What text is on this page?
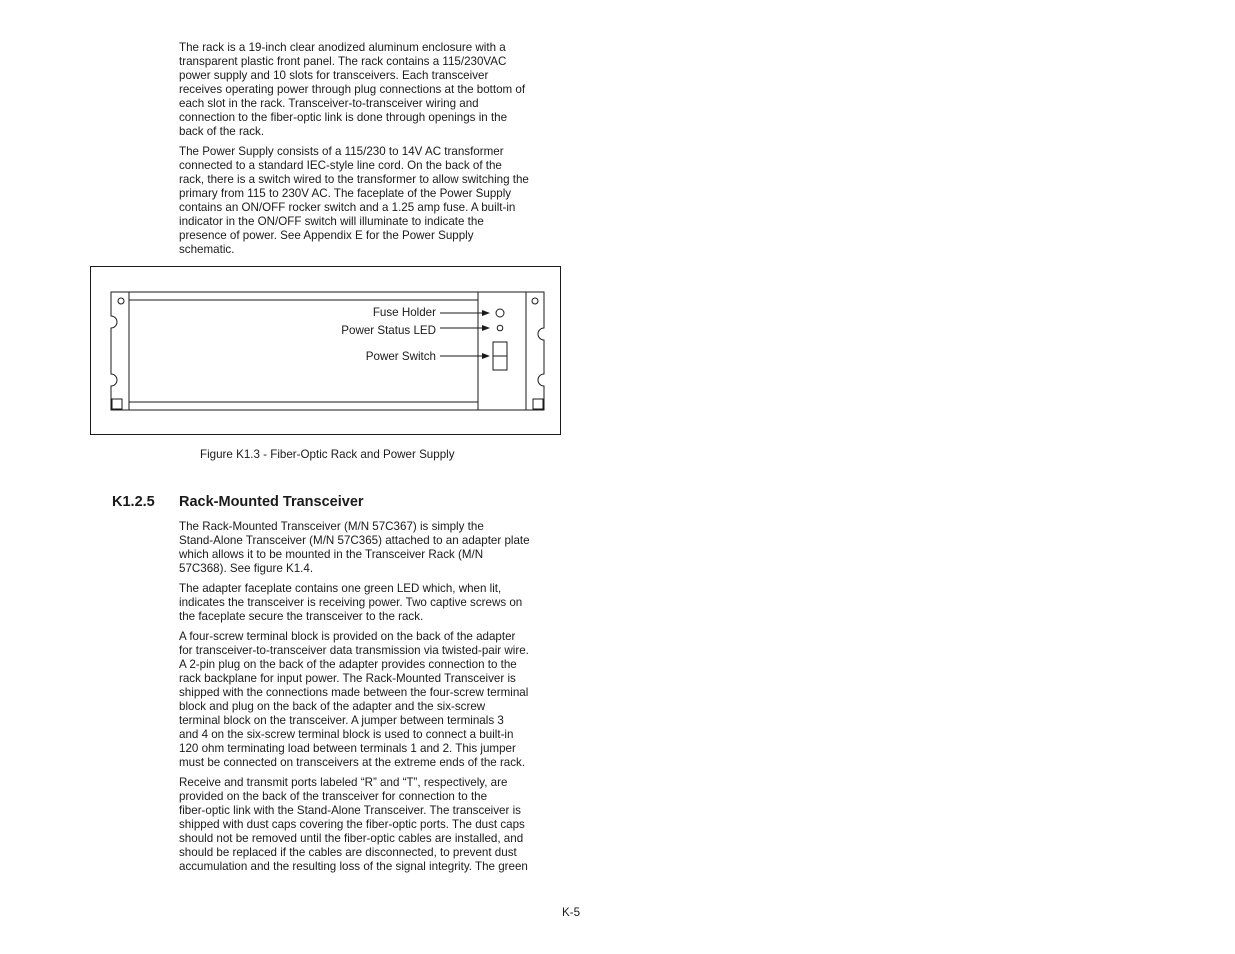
The rack is a 19-inch clear anodized aluminum enclosure with a
transparent plastic front panel. The rack contains a 115/230VAC
power supply and 10 slots for transceivers. Each transceiver
receives operating power through plug connections at the bottom of
each slot in the rack. Transceiver-to-transceiver wiring and
connection to the fiber-optic link is done through openings in the
back of the rack.

The Power Supply consists of a 115/230 to 14V AC transformer
connected to a standard IEC-style line cord. On the back of the
rack, there is a switch wired to the transformer to allow switching the
primary from 115 to 230V AC. The faceplate of the Power Supply
contains an ON/OFF rocker switch and a 1.25 amp fuse. A built-in
indicator in the ON/OFF switch will illuminate to indicate the
presence of power. See Appendix E for the Power Supply
schematic.

Fuse Holder
Power Status LED
Power Switch
Figure K1.3 - Fiber-Optic Rack and Power Supply
K1.2.5 Rack-Mounted Transceiver

The Rack-Mounted Transceiver (M/N 57C367) is simply the
Stand-Alone Transceiver (M/N 57C365) attached to an adapter plate
which allows it to be mounted in the Transceiver Rack (M/N
57C368). See figure K1.4.

The adapter faceplate contains one green LED which, when lit,
indicates the transceiver is receiving power. Two captive screws on
the faceplate secure the transceiver to the rack.

A four-screw terminal block is provided on the back of the adapter
for transceiver-to-transceiver data transmission via twisted-pair wire.
A 2-pin plug on the back of the adapter provides connection to the
rack backplane for input power. The Rack-Mounted Transceiver is
shipped with the connections made between the four-screw terminal
block and plug on the back of the adapter and the six-screw
terminal block on the transceiver. A jumper between terminals 3
and 4 on the six-screw terminal block is used to connect a built-in
120 ohm terminating load between terminals 1 and 2. This jumper
must be connected on transceivers at the extreme ends of the rack.

Receive and transmit ports labeled “R” and “T”, respectively, are
provided on the back of the transceiver for connection to the
fiber-optic link with the Stand-Alone Transceiver. The transceiver is
shipped with dust caps covering the fiber-optic ports. The dust caps
should not be removed until the fiber-optic cables are installed, and
should be replaced if the cables are disconnected, to prevent dust
accumulation and the resulting loss of the signal integrity. The green

K-5
